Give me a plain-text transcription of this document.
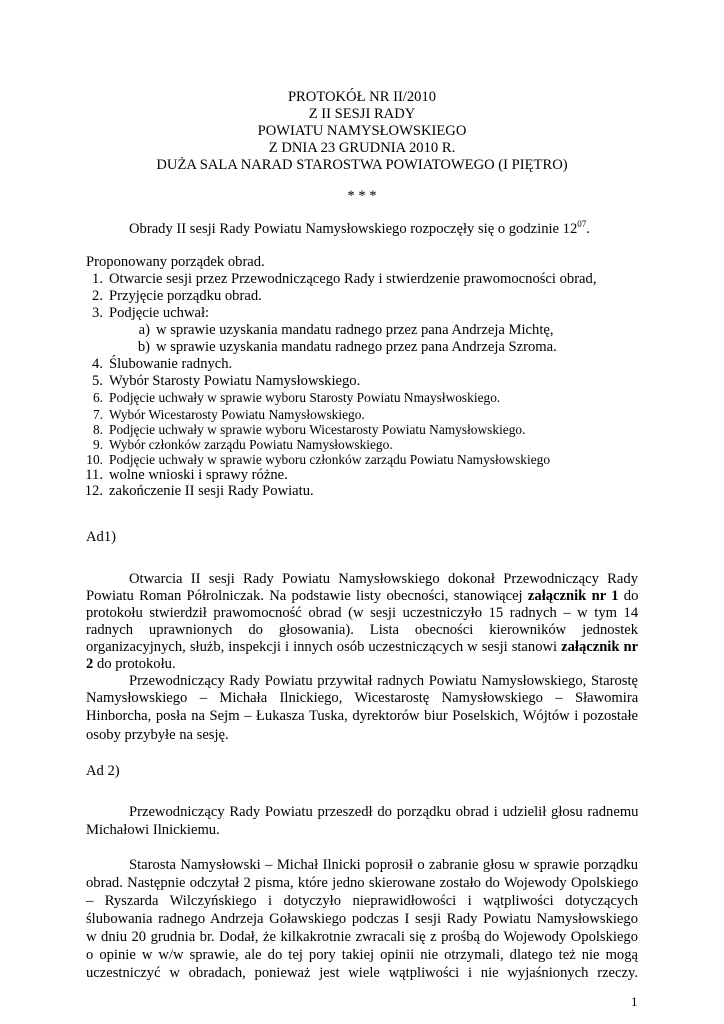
PROTOKÓŁ NR II/2010
Z II SESJI RADY
POWIATU NAMYSŁOWSKIEGO
Z DNIA 23 GRUDNIA 2010 R.
DUŻA SALA NARAD STAROSTWA POWIATOWEGO (I PIĘTRO)
* * *
Obrady II sesji Rady Powiatu Namysłowskiego rozpoczęły się o godzinie $12^{07}$.
Proponowany porządek obrad.
1. Otwarcie sesji przez Przewodniczącego Rady i stwierdzenie prawomocności obrad,
2. Przyjęcie porządku obrad.
3. Podjęcie uchwał:
a) w sprawie uzyskania mandatu radnego przez pana Andrzeja Michtę,
b) w sprawie uzyskania mandatu radnego przez pana Andrzeja Szroma.
4. Ślubowanie radnych.
5. Wybór Starosty Powiatu Namysłowskiego.
6. Podjęcie uchwały w sprawie wyboru Starosty Powiatu Nmaysłwoskiego.
7. Wybór Wicestarosty Powiatu Namysłowskiego.
8. Podjęcie uchwały w sprawie wyboru Wicestarosty Powiatu Namysłowskiego.
9. Wybór członków zarządu Powiatu Namysłowskiego.
10. Podjęcie uchwały w sprawie wyboru członków zarządu Powiatu Namysłowskiego
11. wolne wnioski i sprawy różne.
12. zakończenie II sesji Rady Powiatu.
Ad1)
Otwarcia II sesji Rady Powiatu Namysłowskiego dokonał Przewodniczący Rady
Powiatu Roman Półrolniczak. Na podstawie listy obecności, stanowiącej załącznik nr 1 do
protokołu stwierdził prawomocność obrad (w sesji uczestniczyło 15 radnych – w tym 14
radnych uprawnionych do głosowania). Lista obecności kierowników jednostek
organizacyjnych, służb, inspekcji i innych osób uczestniczących w sesji stanowi załącznik nr
2 do protokołu.
Przewodniczący Rady Powiatu przywitał radnych Powiatu Namysłowskiego, Starostę
Namysłowskiego – Michała Ilnickiego, Wicestarostę Namysłowskiego – Sławomira
Hinborcha, posła na Sejm – Łukasza Tuska, dyrektorów biur Poselskich, Wójtów i pozostałe
osoby przybyłe na sesję.
Ad 2)
Przewodniczący Rady Powiatu przeszedł do porządku obrad i udzielił głosu radnemu
Michałowi Ilnickiemu.
Starosta Namysłowski – Michał Ilnicki poprosił o zabranie głosu w sprawie porządku
obrad. Następnie odczytał 2 pisma, które jedno skierowane zostało do Wojewody Opolskiego
– Ryszarda Wilczyńskiego i dotyczyło nieprawidłowości i wątpliwości dotyczących
ślubowania radnego Andrzeja Goławskiego podczas I sesji Rady Powiatu Namysłowskiego
w dniu 20 grudnia br. Dodał, że kilkakrotnie zwracali się z prośbą do Wojewody Opolskiego
o opinie w w/w sprawie, ale do tej pory takiej opinii nie otrzymali, dlatego też nie mogą
uczestniczyć w obradach, ponieważ jest wiele wątpliwości i nie wyjaśnionych rzeczy.
1
